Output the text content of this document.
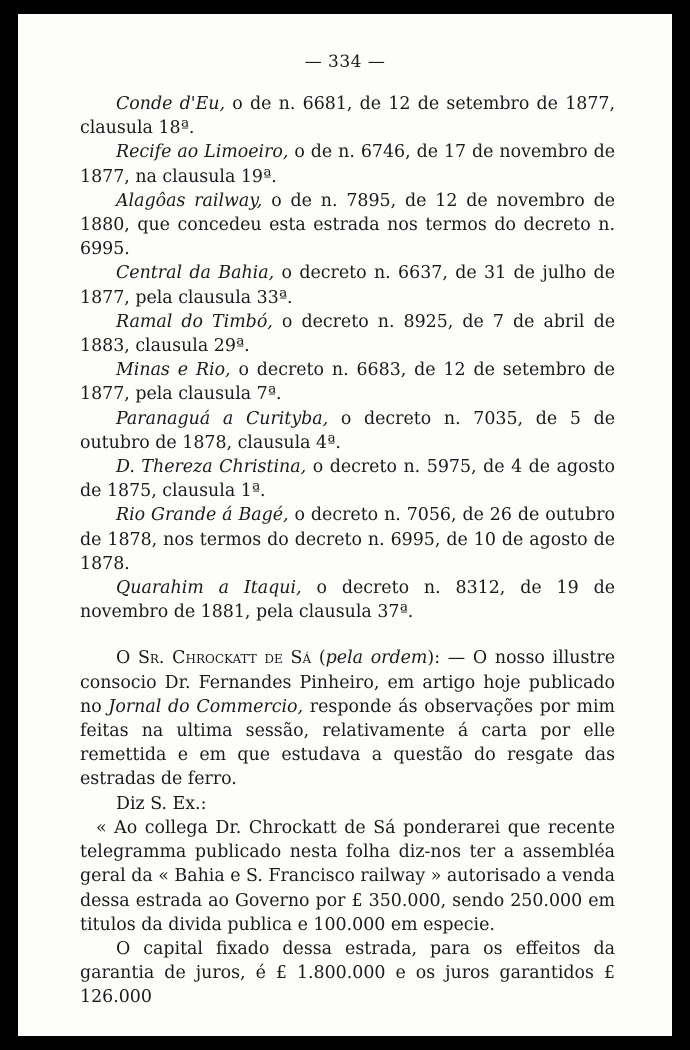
— 334 —

Conde d'Eu, o de n. 6681, de 12 de setembro de 1877, clausula 18ª.

Recife ao Limoeiro, o de n. 6746, de 17 de novembro de 1877, na clausula 19ª.

Alagôas railway, o de n. 7895, de 12 de novembro de 1880, que concedeu esta estrada nos termos do decreto n. 6995.

Central da Bahia, o decreto n. 6637, de 31 de julho de 1877, pela clausula 33ª.

Ramal do Timbó, o decreto n. 8925, de 7 de abril de 1883, clausula 29ª.

Minas e Rio, o decreto n. 6683, de 12 de setembro de 1877, pela clausula 7ª.

Paranaguá a Curityba, o decreto n. 7035, de 5 de outubro de 1878, clausula 4ª.

D. Thereza Christina, o decreto n. 5975, de 4 de agosto de 1875, clausula 1ª.

Rio Grande á Bagé, o decreto n. 7056, de 26 de outubro de 1878, nos termos do decreto n. 6995, de 10 de agosto de 1878.

Quarahim a Itaqui, o decreto n. 8312, de 19 de novembro de 1881, pela clausula 37ª.

O Sr. Chrockatt de Sá (pela ordem): — O nosso illustre consocio Dr. Fernandes Pinheiro, em artigo hoje publicado no Jornal do Commercio, responde ás observações por mim feitas na ultima sessão, relativamente á carta por elle remettida e em que estudava a questão do resgate das estradas de ferro.

Diz S. Ex.:

« Ao collega Dr. Chrockatt de Sá ponderarei que recente telegramma publicado nesta folha diz-nos ter a assembléa geral da « Bahia e S. Francisco railway » autorisado a venda dessa estrada ao Governo por £ 350.000, sendo 250.000 em titulos da divida publica e 100.000 em especie.

O capital fixado dessa estrada, para os effeitos da garantia de juros, é £ 1.800.000 e os juros garantidos £ 126.000
